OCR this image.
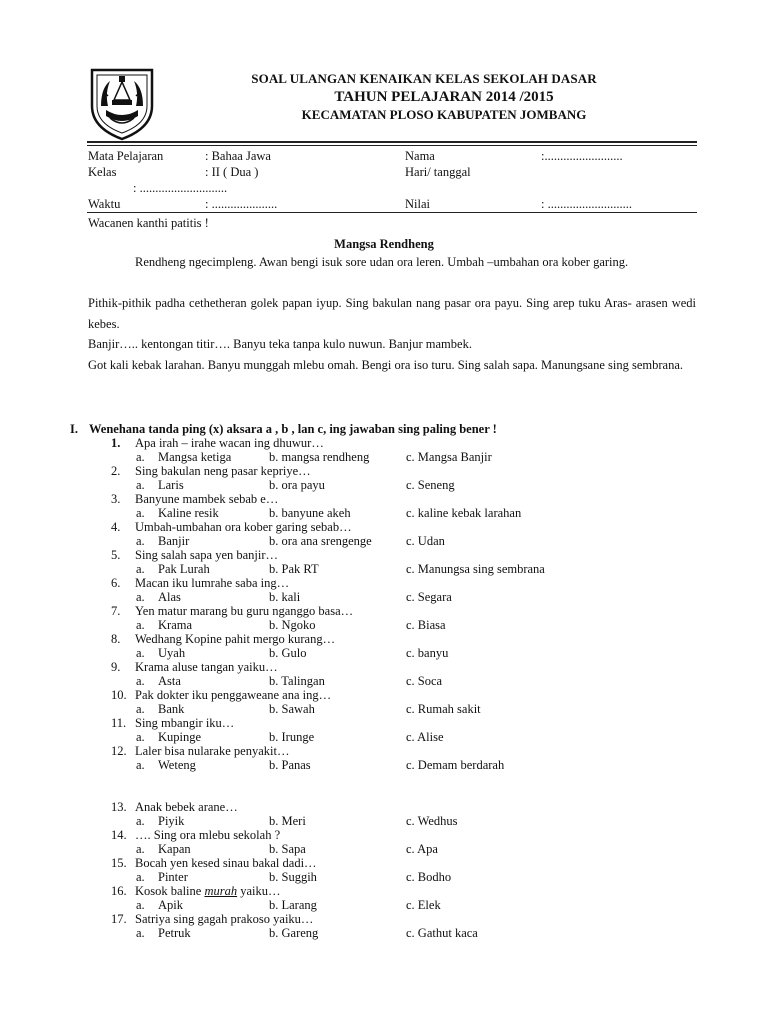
SOAL ULANGAN KENAIKAN KELAS SEKOLAH DASAR
TAHUN PELAJARAN 2014 /2015
KECAMATAN PLOSO KABUPATEN JOMBANG
Mata Pelajaran	: Bahaa Jawa	Nama	:.........................
Kelas	: II ( Dua )	Hari/ tanggal
: ............................
Waktu	: .....................	Nilai	: ...........................
Wacanen kanthi patitis !
Mangsa Rendheng
Rendheng ngecimpleng. Awan bengi isuk sore udan ora leren. Umbah –umbahan ora kober garing.
Pithik-pithik padha cethetheran golek papan iyup. Sing bakulan nang pasar ora payu. Sing arep tuku Aras- arasen wedi kebes.
Banjir….. kentongan titir…. Banyu teka tanpa kulo nuwun. Banjur mambek.
Got kali kebak larahan. Banyu munggah mlebu omah. Bengi ora iso turu. Sing salah sapa. Manungsane sing sembrana.
I. Wenehana tanda ping (x) aksara a , b , lan c, ing jawaban sing paling bener !
1.	Apa irah – irahe wacan ing dhuwur…
a. Mangsa ketiga	b. mangsa rendheng	c. Mangsa Banjir
2.	Sing bakulan neng pasar kepriye…
a. Laris	b. ora payu	c. Seneng
3.	Banyune mambek sebab e…
a. Kaline resik	b. banyune akeh	c. kaline kebak larahan
4.	Umbah-umbahan ora kober garing sebab…
a. Banjir	b. ora ana srengenge	c. Udan
5.	Sing salah sapa yen banjir…
a. Pak Lurah	b. Pak RT	c. Manungsa sing sembrana
6.	Macan iku lumrahe saba ing…
a. Alas	b. kali	c. Segara
7.	Yen matur marang bu guru nganggo basa…
a. Krama	b. Ngoko	c. Biasa
8.	Wedhang Kopine pahit mergo kurang…
a. Uyah	b. Gulo	c. banyu
9.	Krama aluse tangan yaiku…
a. Asta	b. Talingan	c. Soca
10. Pak dokter iku penggaweane ana ing…
a. Bank	b. Sawah	c. Rumah sakit
11. Sing mbangir iku…
a. Kupinge	b. Irunge	c. Alise
12. Laler bisa nularake penyakit…
a. Weteng	b. Panas	c. Demam berdarah
13. Anak bebek arane…
a. Piyik	b. Meri	c. Wedhus
14. …. Sing ora mlebu sekolah ?
a. Kapan	b. Sapa	c. Apa
15. Bocah yen kesed sinau bakal dadi…
a. Pinter	b. Suggih	c. Bodho
16. Kosok baline murah yaiku…
a. Apik	b. Larang	c. Elek
17. Satriya sing gagah prakoso yaiku…
a. Petruk	b. Gareng	c. Gathut kaca
